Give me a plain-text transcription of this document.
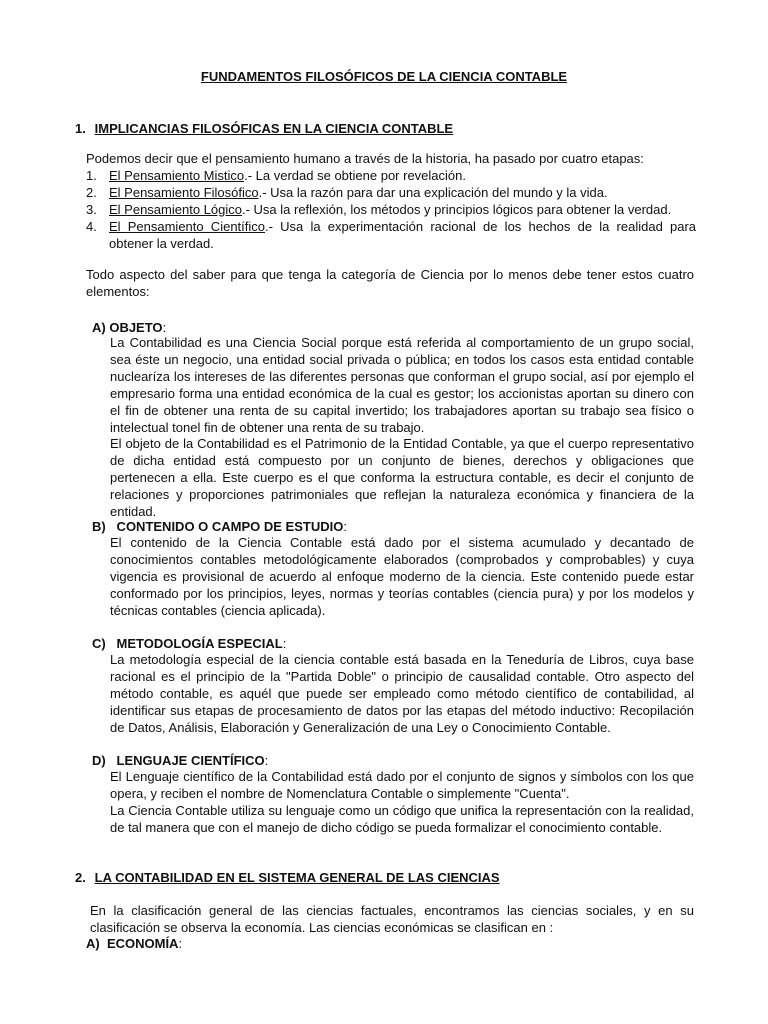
FUNDAMENTOS FILOSÓFICOS DE LA CIENCIA CONTABLE
1. IMPLICANCIAS FILOSÓFICAS EN LA CIENCIA CONTABLE

Podemos decir que el pensamiento humano a través de la historia, ha pasado por cuatro etapas:

1. El Pensamiento Mistico.- La verdad se obtiene por revelación.
2. El Pensamiento Filosófico.- Usa la razón para dar una explicación del mundo y la vida.
3. El Pensamiento Lógico.- Usa la reflexión, los métodos y principios lógicos para obtener la verdad.
4. El Pensamiento Científico.- Usa la experimentación racional de los hechos de la realidad para obtener la verdad.

Todo aspecto del saber para que tenga la categoría de Ciencia por lo menos debe tener estos cuatro elementos:

A) OBJETO:

La Contabilidad es una Ciencia Social porque está referida al comportamiento de un grupo social, sea éste un negocio, una entidad social privada o pública; en todos los casos esta entidad contable nuclearíza los intereses de las diferentes personas que conforman el grupo social, así por ejemplo el empresario forma una entidad económica de la cual es gestor; los accionistas aportan su dinero con el fin de obtener una renta de su capital invertido; los trabajadores aportan su trabajo sea físico o intelectual tonel fin de obtener una renta de su trabajo.

El objeto de la Contabilidad es el Patrimonio de la Entidad Contable, ya que el cuerpo representativo de dicha entidad está compuesto por un conjunto de bienes, derechos y obligaciones que pertenecen a ella. Este cuerpo es el que conforma la estructura contable, es decir el conjunto de relaciones y proporciones patrimoniales que reflejan la naturaleza económica y financiera de la entidad.

B)   CONTENIDO O CAMPO DE ESTUDIO:

El contenido de la Ciencia Contable está dado por el sistema acumulado y decantado de conocimientos contables metodológicamente elaborados (comprobados y comprobables) y cuya vigencia es provisional de acuerdo al enfoque moderno de la ciencia. Este contenido puede estar conformado por los principios, leyes, normas y teorías contables (ciencia pura) y por los modelos y técnicas contables (ciencia aplicada).

C)   METODOLOGÍA ESPECIAL:

La metodología especial de la ciencia contable está basada en la Teneduría de Libros, cuya base racional es el principio de la "Partida Doble" o principio de causalidad contable. Otro aspecto del método contable, es aquél que puede ser empleado como método científico de contabilidad, al identificar sus etapas de procesamiento de datos por las etapas del método inductivo: Recopilación de Datos, Análisis, Elaboración y Generalización de una Ley o Conocimiento Contable.

D)   LENGUAJE CIENTÍFICO:

El Lenguaje científico de la Contabilidad está dado por el conjunto de signos y símbolos con los que opera, y reciben el nombre de Nomenclatura Contable o simplemente "Cuenta".

La Ciencia Contable utiliza su lenguaje como un código que unifica la representación con la realidad, de tal manera que con el manejo de dicho código se pueda formalizar el conocimiento contable.

2. LA CONTABILIDAD EN EL SISTEMA GENERAL DE LAS CIENCIAS

En la clasificación general de las ciencias factuales, encontramos las ciencias sociales, y en su clasificación se observa la economía. Las ciencias económicas se clasifican en :

A)  ECONOMÍA:
